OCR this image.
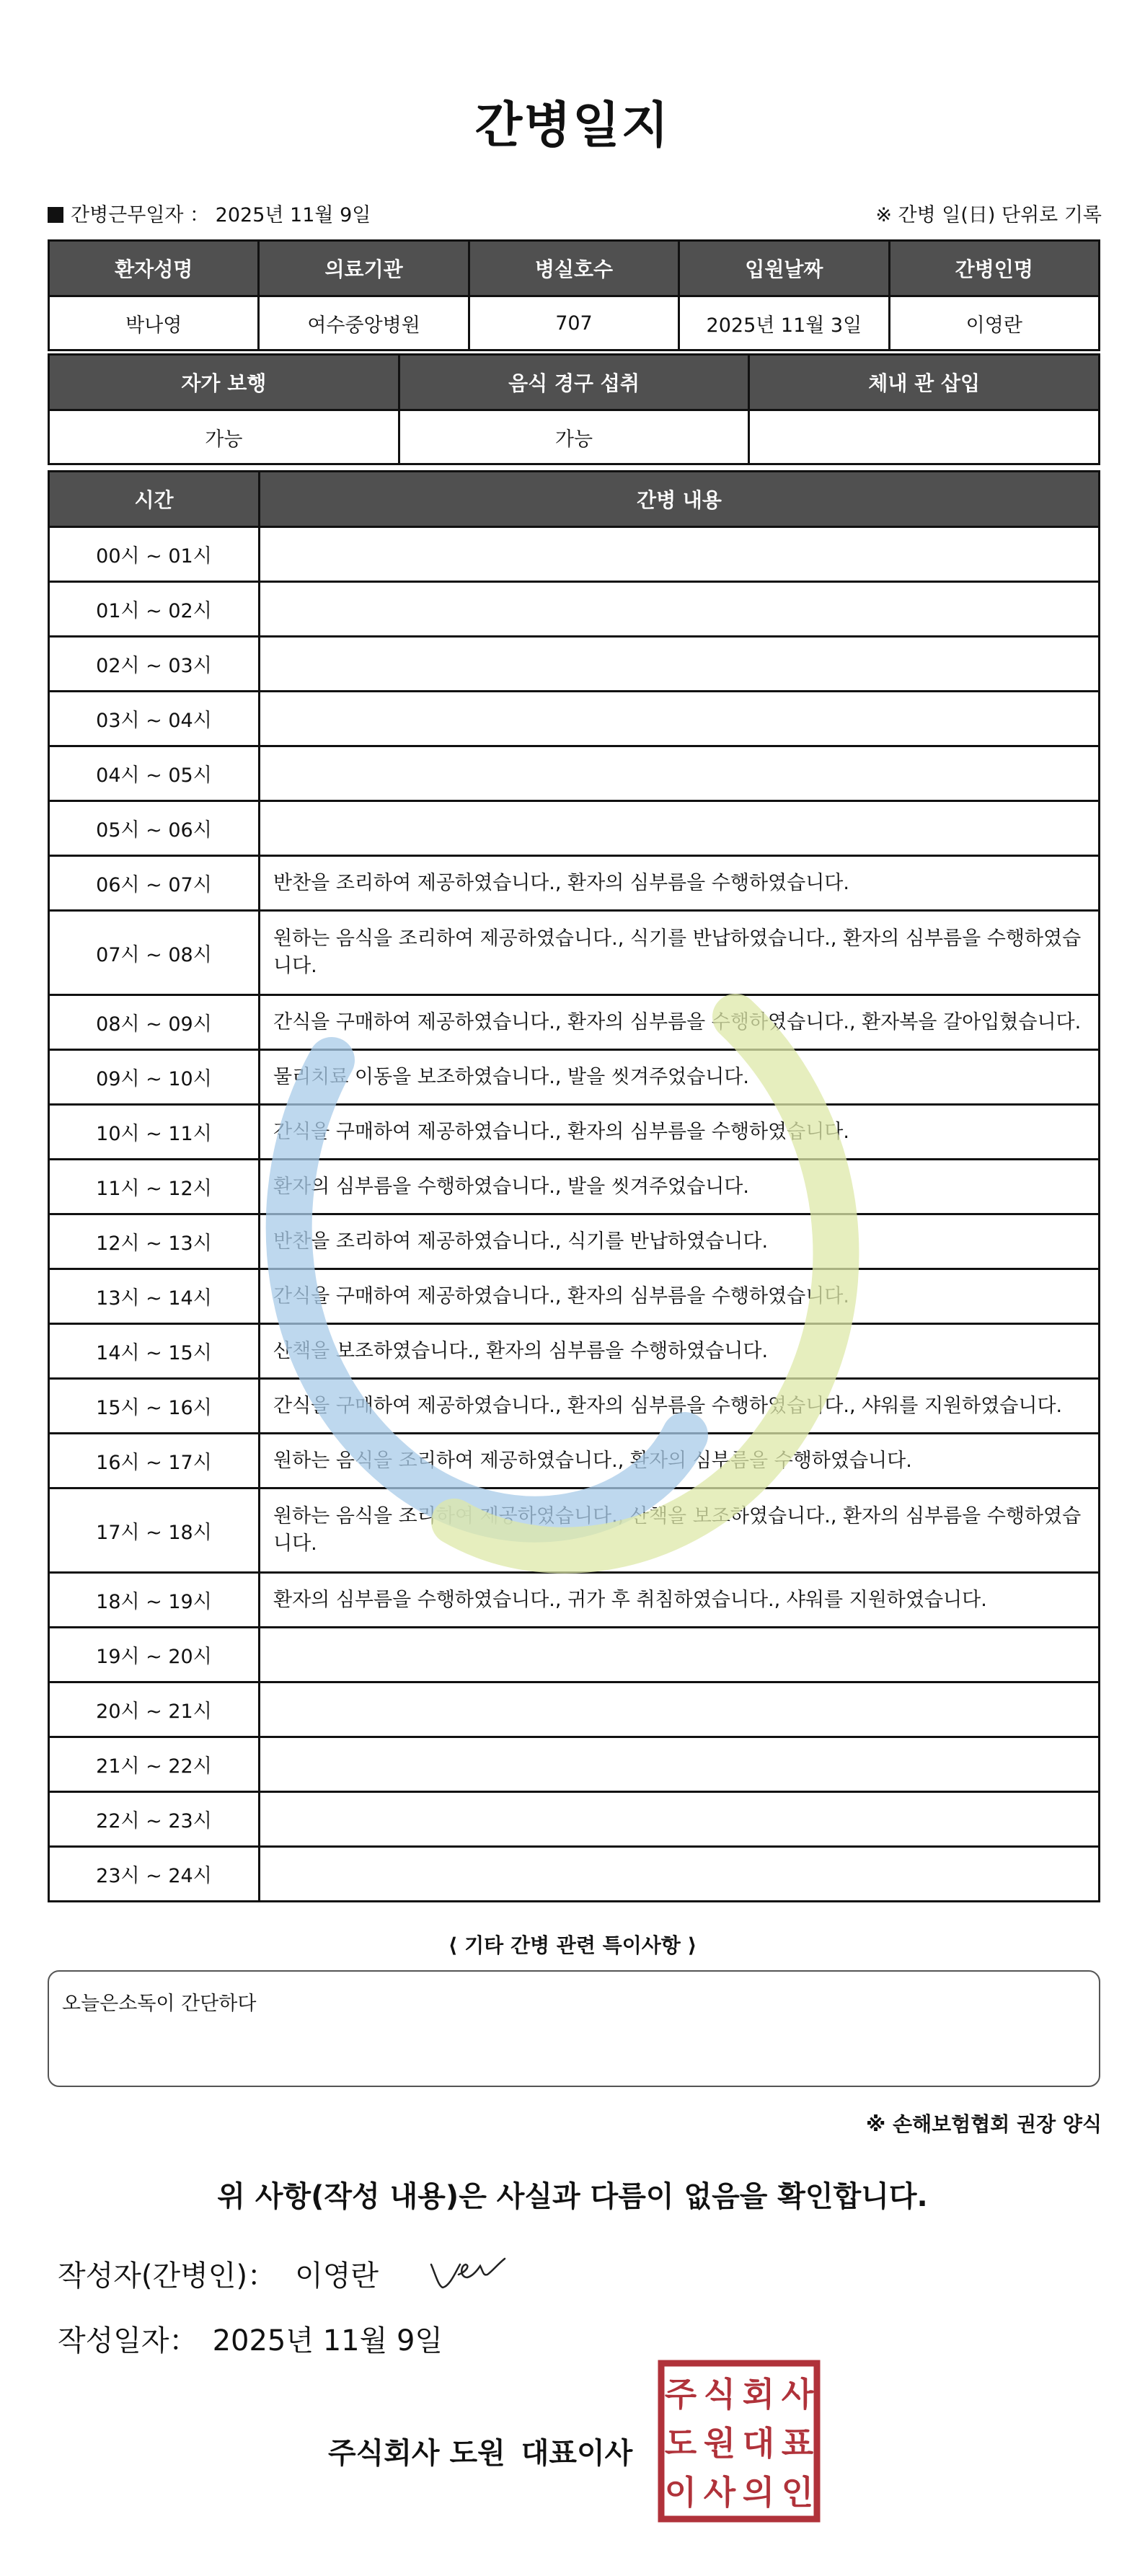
간병일지
간병근무일자 ： 2025년 11월 9일	※ 간병 일(日) 단위로 기록
환자성명	의료기관	병실호수	입원날짜	간병인명
박나영	여수중앙병원	707	2025년 11월 3일	이영란
자가 보행	음식 경구 섭취	체내 관 삽입
가능	가능	
시간	간병 내용
00시 ~ 01시	
01시 ~ 02시	
02시 ~ 03시	
03시 ~ 04시	
04시 ~ 05시	
05시 ~ 06시	
06시 ~ 07시	반찬을 조리하여 제공하였습니다., 환자의 심부름을 수행하였습니다.
07시 ~ 08시	원하는 음식을 조리하여 제공하였습니다., 식기를 반납하였습니다., 환자의 심부름을 수행하였습니다.
08시 ~ 09시	간식을 구매하여 제공하였습니다., 환자의 심부름을 수행하였습니다., 환자복을 갈아입혔습니다.
09시 ~ 10시	물리치료 이동을 보조하였습니다., 발을 씻겨주었습니다.
10시 ~ 11시	간식을 구매하여 제공하였습니다., 환자의 심부름을 수행하였습니다.
11시 ~ 12시	환자의 심부름을 수행하였습니다., 발을 씻겨주었습니다.
12시 ~ 13시	반찬을 조리하여 제공하였습니다., 식기를 반납하였습니다.
13시 ~ 14시	간식을 구매하여 제공하였습니다., 환자의 심부름을 수행하였습니다.
14시 ~ 15시	산책을 보조하였습니다., 환자의 심부름을 수행하였습니다.
15시 ~ 16시	간식을 구매하여 제공하였습니다., 환자의 심부름을 수행하였습니다., 샤워를 지원하였습니다.
16시 ~ 17시	원하는 음식을 조리하여 제공하였습니다., 환자의 심부름을 수행하였습니다.
17시 ~ 18시	원하는 음식을 조리하여 제공하였습니다., 산책을 보조하였습니다., 환자의 심부름을 수행하였습니다.
18시 ~ 19시	환자의 심부름을 수행하였습니다., 귀가 후 취침하였습니다., 샤워를 지원하였습니다.
19시 ~ 20시	
20시 ~ 21시	
21시 ~ 22시	
22시 ~ 23시	
23시 ~ 24시	
⟨ 기타 간병 관련 특이사항 ⟩
오늘은소독이 간단하다
※ 손해보험협회 권장 양식
위 사항(작성 내용)은 사실과 다름이 없음을 확인합니다.
작성자(간병인)： 이영란
작성일자： 2025년 11월 9일
주식회사 도원 대표이사
주 식 회 사
도 원 대 표
이 사 의 인
